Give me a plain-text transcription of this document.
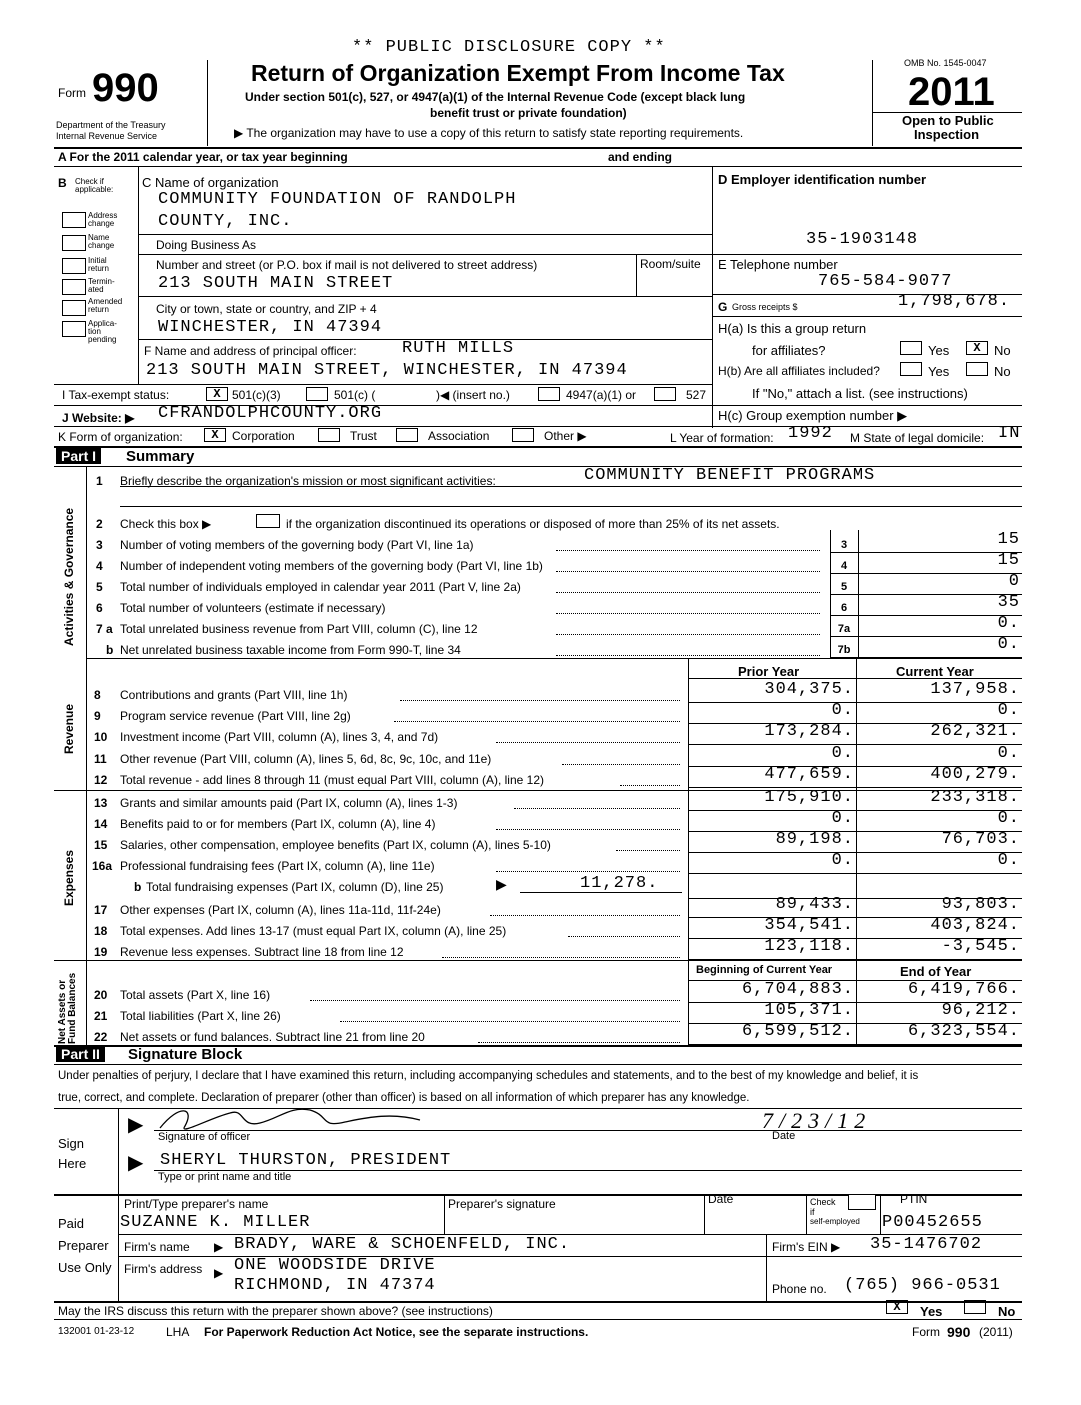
** PUBLIC DISCLOSURE COPY **
Form 990
Department of the Treasury
Internal Revenue Service
Return of Organization Exempt From Income Tax
Under section 501(c), 527, or 4947(a)(1) of the Internal Revenue Code (except black lung
benefit trust or private foundation)
▶ The organization may have to use a copy of this return to satisfy state reporting requirements.
OMB No. 1545-0047
2011
Open to Public
Inspection
A For the 2011 calendar year, or tax year beginning	and ending
B Check if applicable:
Address change
Name change
Initial return
Termin-ated
Amended return
Applica-tion pending
C Name of organization
COMMUNITY FOUNDATION OF RANDOLPH
COUNTY, INC.
Doing Business As
Number and street (or P.O. box if mail is not delivered to street address)	Room/suite
213 SOUTH MAIN STREET
City or town, state or country, and ZIP + 4
WINCHESTER, IN 47394
F Name and address of principal officer:	RUTH MILLS
213 SOUTH MAIN STREET, WINCHESTER, IN 47394
D Employer identification number
35-1903148
E Telephone number
765-584-9077
G Gross receipts $	1,798,678.
H(a) Is this a group return
for affiliates?	Yes	X	No
H(b) Are all affiliates included?	Yes	No
If "No," attach a list. (see instructions)
H(c) Group exemption number ▶
I Tax-exempt status:	X 501(c)(3)	501(c) (	)◀ (insert no.)	4947(a)(1) or	527
J Website: ▶ CFRANDOLPHCOUNTY.ORG
K Form of organization:	X	Corporation	Trust	Association	Other ▶	L Year of formation: 1992 M State of legal domicile: IN
Part I	Summary
Activities & Governance
1 Briefly describe the organization's mission or most significant activities:	COMMUNITY BENEFIT PROGRAMS
2 Check this box ▶	if the organization discontinued its operations or disposed of more than 25% of its net assets.
3 Number of voting members of the governing body (Part VI, line 1a)	3	15
4 Number of independent voting members of the governing body (Part VI, line 1b)	4	15
5 Total number of individuals employed in calendar year 2011 (Part V, line 2a)	5	0
6 Total number of volunteers (estimate if necessary)	6	35
7 a Total unrelated business revenue from Part VIII, column (C), line 12	7a	0.
b Net unrelated business taxable income from Form 990-T, line 34	7b	0.
Prior Year	Current Year
Revenue
8 Contributions and grants (Part VIII, line 1h)	304,375.	137,958.
9 Program service revenue (Part VIII, line 2g)	0.	0.
10 Investment income (Part VIII, column (A), lines 3, 4, and 7d)	173,284.	262,321.
11 Other revenue (Part VIII, column (A), lines 5, 6d, 8c, 9c, 10c, and 11e)	0.	0.
12 Total revenue - add lines 8 through 11 (must equal Part VIII, column (A), line 12)	477,659.	400,279.
Expenses
13 Grants and similar amounts paid (Part IX, column (A), lines 1-3)	175,910.	233,318.
14 Benefits paid to or for members (Part IX, column (A), line 4)	0.	0.
15 Salaries, other compensation, employee benefits (Part IX, column (A), lines 5-10)	89,198.	76,703.
16a Professional fundraising fees (Part IX, column (A), line 11e)	0.	0.
b Total fundraising expenses (Part IX, column (D), line 25)	▶	11,278.
17 Other expenses (Part IX, column (A), lines 11a-11d, 11f-24e)	89,433.	93,803.
18 Total expenses. Add lines 13-17 (must equal Part IX, column (A), line 25)	354,541.	403,824.
19 Revenue less expenses. Subtract line 18 from line 12	123,118.	-3,545.
Beginning of Current Year	End of Year
Net Assets or Fund Balances 20 Total assets (Part X, line 16)	6,704,883.	6,419,766.
21 Total liabilities (Part X, line 26)	105,371.	96,212.
22 Net assets or fund balances. Subtract line 21 from line 20	6,599,512.	6,323,554.
Part II	Signature Block
Under penalties of perjury, I declare that I have examined this return, including accompanying schedules and statements, and to the best of my knowledge and belief, it is
true, correct, and complete. Declaration of preparer (other than officer) is based on all information of which preparer has any knowledge.
Sign
Here
▶
▶
Signature of officer
7/23/12
Date
SHERYL THURSTON, PRESIDENT
Type or print name and title
Paid
Preparer
Use Only
Print/Type preparer's name	Preparer's signature	Date	Check
if
self-employed
PTIN
SUZANNE K. MILLER	P00452655
Firm's name ▶ BRADY, WARE & SCHOENFELD, INC.	Firm's EIN ▶ 35-1476702
Firm's address ▶ ONE WOODSIDE DRIVE
RICHMOND, IN 47374	Phone no. (765) 966-0531
May the IRS discuss this return with the preparer shown above? (see instructions)	X	Yes	No
132001 01-23-12	LHA For Paperwork Reduction Act Notice, see the separate instructions.	Form 990 (2011)
